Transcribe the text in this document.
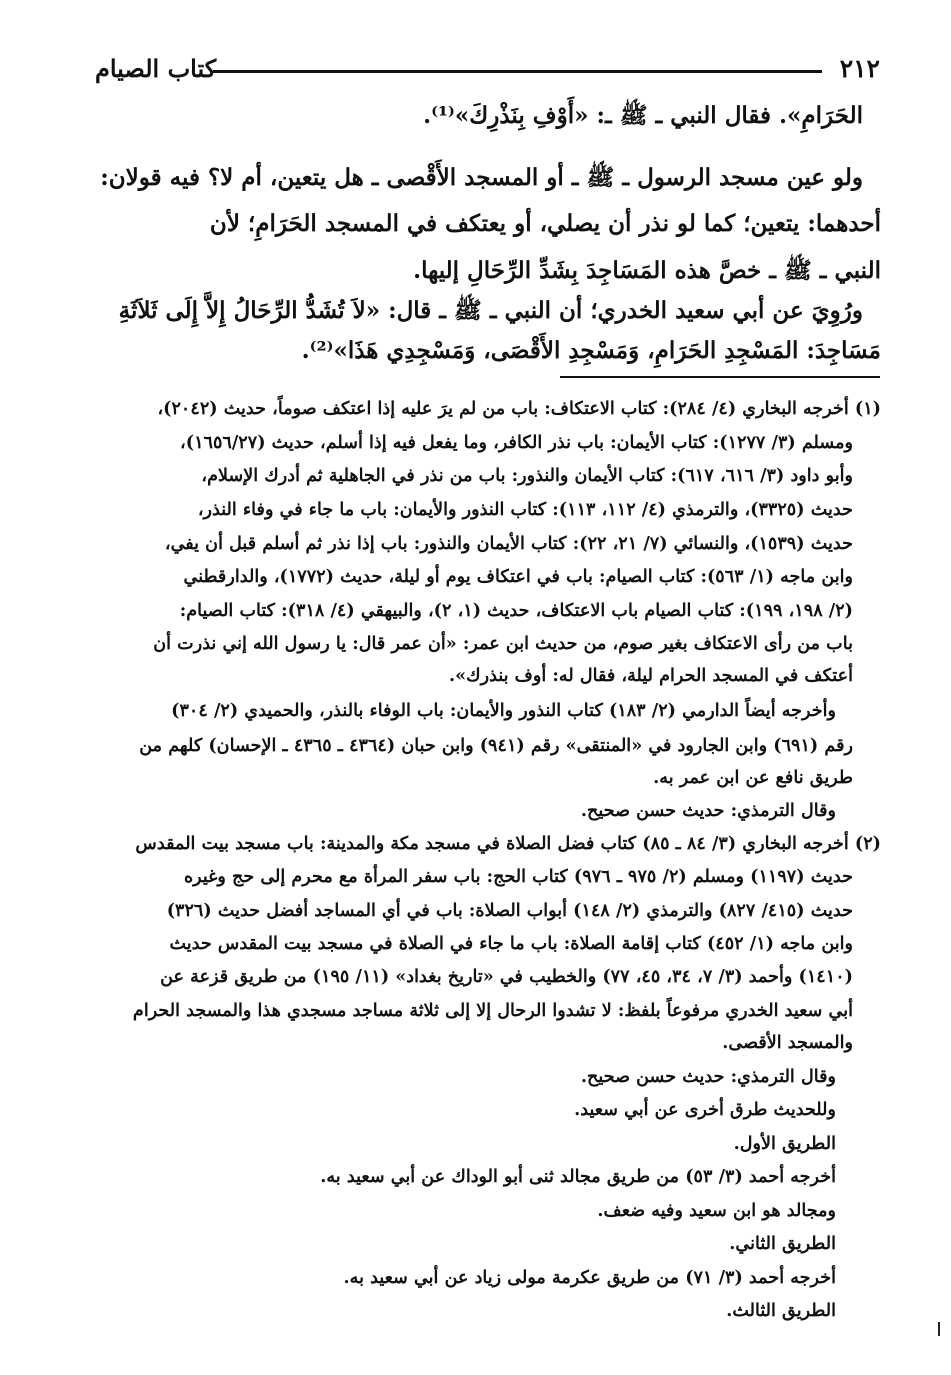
٢١٢
كتاب الصيام
الحَرَامِ». فقال النبي ـ ﷺ ـ: «أَوْفِ بِنَذْرِكَ»⁽¹⁾.
ولو عين مسجد الرسول ـ ﷺ ـ أو المسجد الأَقْصى ـ هل يتعين، أم لا؟ فيه قولان:
أحدهما: يتعين؛ كما لو نذر أن يصلي، أو يعتكف في المسجد الحَرَامِ؛ لأن
النبي ـ ﷺ ـ خصَّ هذه المَسَاجِدَ بِشَدِّ الرِّحَالِ إليها.
ورُوِيَ عن أبي سعيد الخدري؛ أن النبي ـ ﷺ ـ قال: «لاَ تُشَدُّ الرِّحَالُ إِلاَّ إِلَى ثَلاَثَةِ
مَسَاجِدَ: المَسْجِدِ الحَرَامِ، وَمَسْجِدِ الأَقْصَى، وَمَسْجِدِي هَذَا»⁽²⁾.
(١) أخرجه البخاري (٤/ ٢٨٤): كتاب الاعتكاف: باب من لم يرَ عليه إذا اعتكف صوماً، حديث (٢٠٤٢)،
ومسلم (٣/ ١٢٧٧): كتاب الأيمان: باب نذر الكافر، وما يفعل فيه إذا أسلم، حديث (١٦٥٦/٢٧)،
وأبو داود (٣/ ٦١٦، ٦١٧): كتاب الأيمان والنذور: باب من نذر في الجاهلية ثم أدرك الإسلام،
حديث (٣٣٢٥)، والترمذي (٤/ ١١٢، ١١٣): كتاب النذور والأيمان: باب ما جاء في وفاء النذر،
حديث (١٥٣٩)، والنسائي (٧/ ٢١، ٢٢): كتاب الأيمان والنذور: باب إذا نذر ثم أسلم قبل أن يفي،
وابن ماجه (١/ ٥٦٣): كتاب الصيام: باب في اعتكاف يوم أو ليلة، حديث (١٧٧٢)، والدارقطني
(٢/ ١٩٨، ١٩٩): كتاب الصيام باب الاعتكاف، حديث (١، ٢)، والبيهقي (٤/ ٣١٨): كتاب الصيام:
باب من رأى الاعتكاف بغير صوم، من حديث ابن عمر: «أن عمر قال: يا رسول الله إني نذرت أن
أعتكف في المسجد الحرام ليلة، فقال له: أوف بنذرك».
وأخرجه أيضاً الدارمي (٢/ ١٨٣) كتاب النذور والأيمان: باب الوفاء بالنذر، والحميدي (٢/ ٣٠٤)
رقم (٦٩١) وابن الجارود في «المنتقى» رقم (٩٤١) وابن حبان (٤٣٦٤ ـ ٤٣٦٥ ـ الإحسان) كلهم من
طريق نافع عن ابن عمر به.
وقال الترمذي: حديث حسن صحيح.
(٢) أخرجه البخاري (٣/ ٨٤ ـ ٨٥) كتاب فضل الصلاة في مسجد مكة والمدينة: باب مسجد بيت المقدس
حديث (١١٩٧) ومسلم (٢/ ٩٧٥ ـ ٩٧٦) كتاب الحج: باب سفر المرأة مع محرم إلى حج وغيره
حديث (٤١٥/ ٨٢٧) والترمذي (٢/ ١٤٨) أبواب الصلاة: باب في أي المساجد أفضل حديث (٣٢٦)
وابن ماجه (١/ ٤٥٢) كتاب إقامة الصلاة: باب ما جاء في الصلاة في مسجد بيت المقدس حديث
(١٤١٠) وأحمد (٣/ ٧، ٣٤، ٤٥، ٧٧) والخطيب في «تاريخ بغداد» (١١/ ١٩٥) من طريق قزعة عن
أبي سعيد الخدري مرفوعاً بلفظ: لا تشدوا الرحال إلا إلى ثلاثة مساجد مسجدي هذا والمسجد الحرام
والمسجد الأقصى.
وقال الترمذي: حديث حسن صحيح.
وللحديث طرق أخرى عن أبي سعيد.
الطريق الأول.
أخرجه أحمد (٣/ ٥٣) من طريق مجالد ثنى أبو الوداك عن أبي سعيد به.
ومجالد هو ابن سعيد وفيه ضعف.
الطريق الثاني.
أخرجه أحمد (٣/ ٧١) من طريق عكرمة مولى زياد عن أبي سعيد به.
الطريق الثالث.
